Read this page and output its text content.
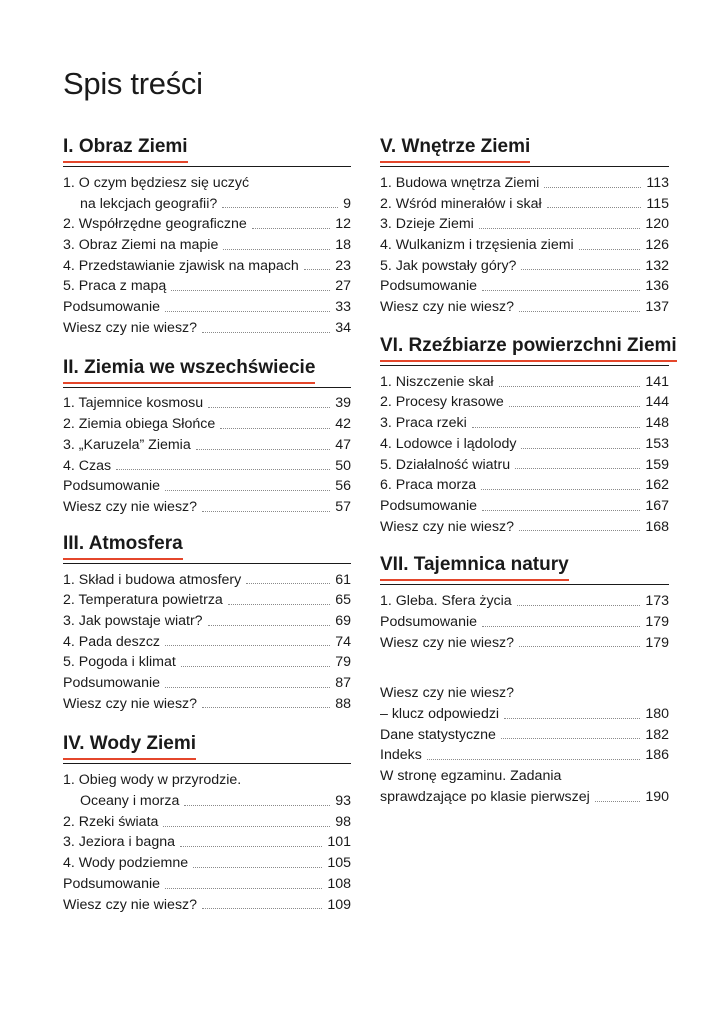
Spis treści
I. Obraz Ziemi
1. O czym będziesz się uczyć
na lekcjach geografii?	9
2. Współrzędne geograficzne	12
3. Obraz Ziemi na mapie	18
4. Przedstawianie zjawisk na mapach	23
5. Praca z mapą	27
Podsumowanie	33
Wiesz czy nie wiesz?	34
II. Ziemia we wszechświecie
1. Tajemnice kosmosu	39
2. Ziemia obiega Słońce	42
3. „Karuzela” Ziemia	47
4. Czas	50
Podsumowanie	56
Wiesz czy nie wiesz?	57
III. Atmosfera
1. Skład i budowa atmosfery	61
2. Temperatura powietrza	65
3. Jak powstaje wiatr?	69
4. Pada deszcz	74
5. Pogoda i klimat	79
Podsumowanie	87
Wiesz czy nie wiesz?	88
IV. Wody Ziemi
1. Obieg wody w przyrodzie.
Oceany i morza	93
2. Rzeki świata	98
3. Jeziora i bagna	101
4. Wody podziemne	105
Podsumowanie	108
Wiesz czy nie wiesz?	109
V. Wnętrze Ziemi
1. Budowa wnętrza Ziemi	113
2. Wśród minerałów i skał	115
3. Dzieje Ziemi	120
4. Wulkanizm i trzęsienia ziemi	126
5. Jak powstały góry?	132
Podsumowanie	136
Wiesz czy nie wiesz?	137
VI. Rzeźbiarze powierzchni Ziemi
1. Niszczenie skał	141
2. Procesy krasowe	144
3. Praca rzeki	148
4. Lodowce i lądolody	153
5. Działalność wiatru	159
6. Praca morza	162
Podsumowanie	167
Wiesz czy nie wiesz?	168
VII. Tajemnica natury
1. Gleba. Sfera życia	173
Podsumowanie	179
Wiesz czy nie wiesz?	179
Wiesz czy nie wiesz?
– klucz odpowiedzi	180
Dane statystyczne	182
Indeks	186
W stronę egzaminu. Zadania
sprawdzające po klasie pierwszej	190
